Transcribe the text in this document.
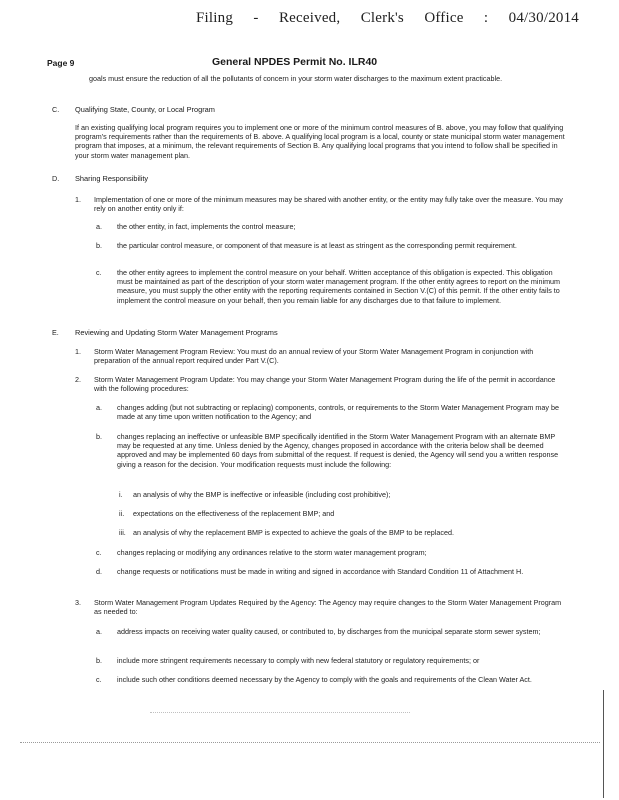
Filing - Received, Clerk's Office : 04/30/2014
Page 9	General NPDES Permit No. ILR40
goals must ensure the reduction of all the pollutants of concern in your storm water discharges to the maximum extent practicable.
C. Qualifying State, County, or Local Program
If an existing qualifying local program requires you to implement one or more of the minimum control measures of B. above, you may follow that qualifying program's requirements rather than the requirements of B. above. A qualifying local program is a local, county or state municipal storm water management program that imposes, at a minimum, the relevant requirements of Section B. Any qualifying local programs that you intend to follow shall be specified in your storm water management plan.
D. Sharing Responsibility
1. Implementation of one or more of the minimum measures may be shared with another entity, or the entity may fully take over the measure. You may rely on another entity only if:
a. the other entity, in fact, implements the control measure;
b. the particular control measure, or component of that measure is at least as stringent as the corresponding permit requirement.
c. the other entity agrees to implement the control measure on your behalf. Written acceptance of this obligation is expected. This obligation must be maintained as part of the description of your storm water management program. If the other entity agrees to report on the minimum measure, you must supply the other entity with the reporting requirements contained in Section V.(C) of this permit. If the other entity fails to implement the control measure on your behalf, then you remain liable for any discharges due to that failure to implement.
E. Reviewing and Updating Storm Water Management Programs
1. Storm Water Management Program Review: You must do an annual review of your Storm Water Management Program in conjunction with preparation of the annual report required under Part V.(C).
2. Storm Water Management Program Update: You may change your Storm Water Management Program during the life of the permit in accordance with the following procedures:
a. changes adding (but not subtracting or replacing) components, controls, or requirements to the Storm Water Management Program may be made at any time upon written notification to the Agency; and
b. changes replacing an ineffective or unfeasible BMP specifically identified in the Storm Water Management Program with an alternate BMP may be requested at any time. Unless denied by the Agency, changes proposed in accordance with the criteria below shall be deemed approved and may be implemented 60 days from submittal of the request. If request is denied, the Agency will send you a written response giving a reason for the decision. Your modification requests must include the following:
i. an analysis of why the BMP is ineffective or infeasible (including cost prohibitive);
ii. expectations on the effectiveness of the replacement BMP; and
iii. an analysis of why the replacement BMP is expected to achieve the goals of the BMP to be replaced.
c. changes replacing or modifying any ordinances relative to the storm water management program;
d. change requests or notifications must be made in writing and signed in accordance with Standard Condition 11 of Attachment H.
3. Storm Water Management Program Updates Required by the Agency: The Agency may require changes to the Storm Water Management Program as needed to:
a. address impacts on receiving water quality caused, or contributed to, by discharges from the municipal separate storm sewer system;
b. include more stringent requirements necessary to comply with new federal statutory or regulatory requirements; or
c. include such other conditions deemed necessary by the Agency to comply with the goals and requirements of the Clean Water Act.
